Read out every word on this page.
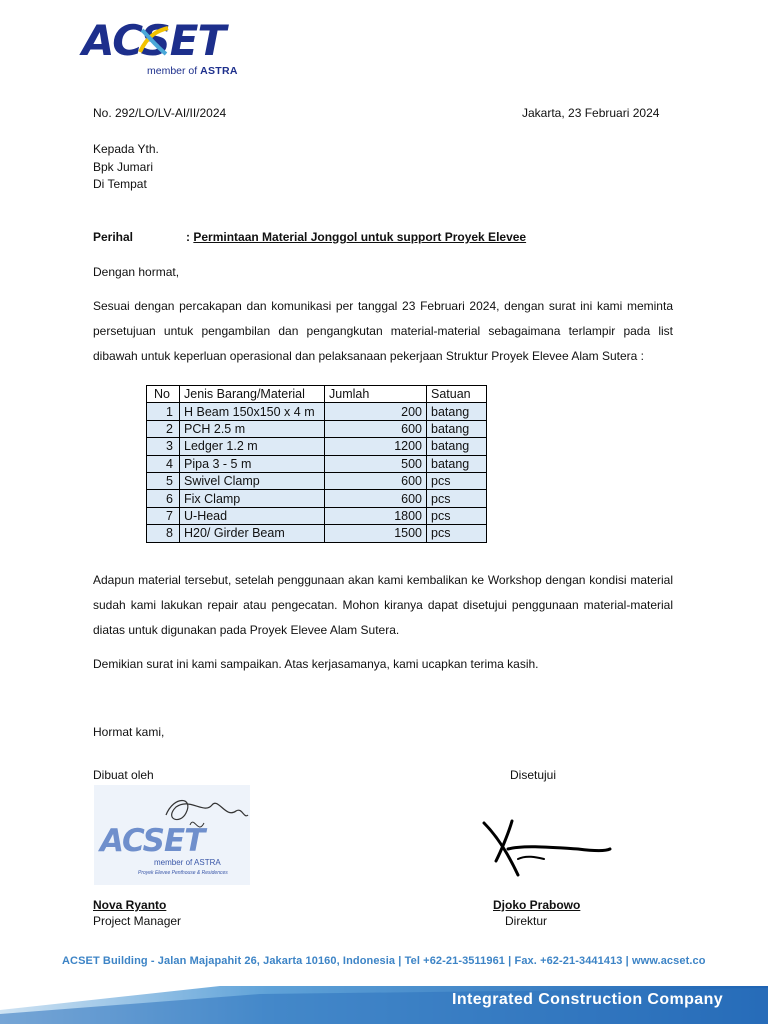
ACSET
member of ASTRA
No. 292/LO/LV-AI/II/2024	Jakarta, 23 Februari 2024
Kepada Yth.
Bpk Jumari
Di Tempat
Perihal	: Permintaan Material Jonggol untuk support Proyek Elevee
Dengan hormat,
Sesuai dengan percakapan dan komunikasi per tanggal 23 Februari 2024, dengan surat ini kami meminta persetujuan untuk pengambilan dan pengangkutan material-material sebagaimana terlampir pada list dibawah untuk keperluan operasional dan pelaksanaan pekerjaan Struktur Proyek Elevee Alam Sutera :
No	Jenis Barang/Material	Jumlah	Satuan
1	H Beam 150x150 x 4 m	200	batang
2	PCH 2.5 m	600	batang
3	Ledger 1.2 m	1200	batang
4	Pipa 3 - 5 m	500	batang
5	Swivel Clamp	600	pcs
6	Fix Clamp	600	pcs
7	U-Head	1800	pcs
8	H20/ Girder Beam	1500	pcs
Adapun material tersebut, setelah penggunaan akan kami kembalikan ke Workshop dengan kondisi material sudah kami lakukan repair atau pengecatan. Mohon kiranya dapat disetujui penggunaan material-material diatas untuk digunakan pada Proyek Elevee Alam Sutera.
Demikian surat ini kami sampaikan. Atas kerjasamanya, kami ucapkan terima kasih.
Hormat kami,
Dibuat oleh	Disetujui
ACSET
member of ASTRA
Proyek Elevee Penthouse & Residences
Nova Ryanto
Project Manager
Djoko Prabowo
Direktur
ACSET Building - Jalan Majapahit 26, Jakarta 10160, Indonesia | Tel +62-21-3511961 | Fax. +62-21-3441413 | www.acset.co
Integrated Construction Company
